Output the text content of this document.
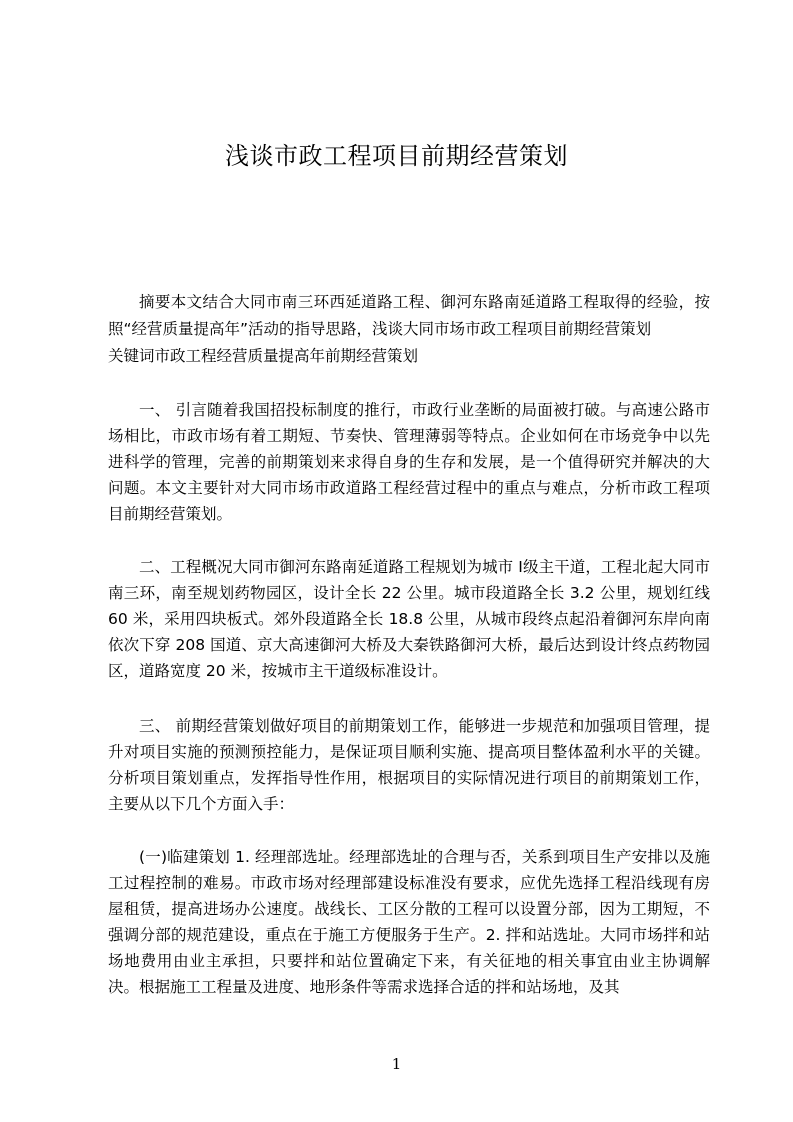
浅谈市政工程项目前期经营策划

摘要本文结合大同市南三环西延道路工程、御河东路南延道路工程取得的经验，按照“经营质量提高年”活动的指导思路，浅谈大同市场市政工程项目前期经营策划

关键词市政工程经营质量提高年前期经营策划

一、 引言随着我国招投标制度的推行，市政行业垄断的局面被打破。与高速公路市场相比，市政市场有着工期短、节奏快、管理薄弱等特点。企业如何在市场竞争中以先进科学的管理，完善的前期策划来求得自身的生存和发展，是一个值得研究并解决的大问题。本文主要针对大同市场市政道路工程经营过程中的重点与难点，分析市政工程项目前期经营策划。

二、工程概况大同市御河东路南延道路工程规划为城市 Ⅰ级主干道，工程北起大同市南三环，南至规划药物园区，设计全长 22 公里。城市段道路全长 3.2 公里，规划红线 60 米，采用四块板式。郊外段道路全长 18.8 公里，从城市段终点起沿着御河东岸向南依次下穿 208 国道、京大高速御河大桥及大秦铁路御河大桥，最后达到设计终点药物园区，道路宽度 20 米，按城市主干道级标准设计。

三、 前期经营策划做好项目的前期策划工作，能够进一步规范和加强项目管理，提升对项目实施的预测预控能力，是保证项目顺利实施、提高项目整体盈利水平的关键。分析项目策划重点，发挥指导性作用，根据项目的实际情况进行项目的前期策划工作，主要从以下几个方面入手：

(一)临建策划 1. 经理部选址。经理部选址的合理与否，关系到项目生产安排以及施工过程控制的难易。市政市场对经理部建设标准没有要求，应优先选择工程沿线现有房屋租赁，提高进场办公速度。战线长、工区分散的工程可以设置分部，因为工期短，不强调分部的规范建设，重点在于施工方便服务于生产。2. 拌和站选址。大同市场拌和站场地费用由业主承担，只要拌和站位置确定下来，有关征地的相关事宜由业主协调解决。根据施工工程量及进度、地形条件等需求选择合适的拌和站场地，及其

1
